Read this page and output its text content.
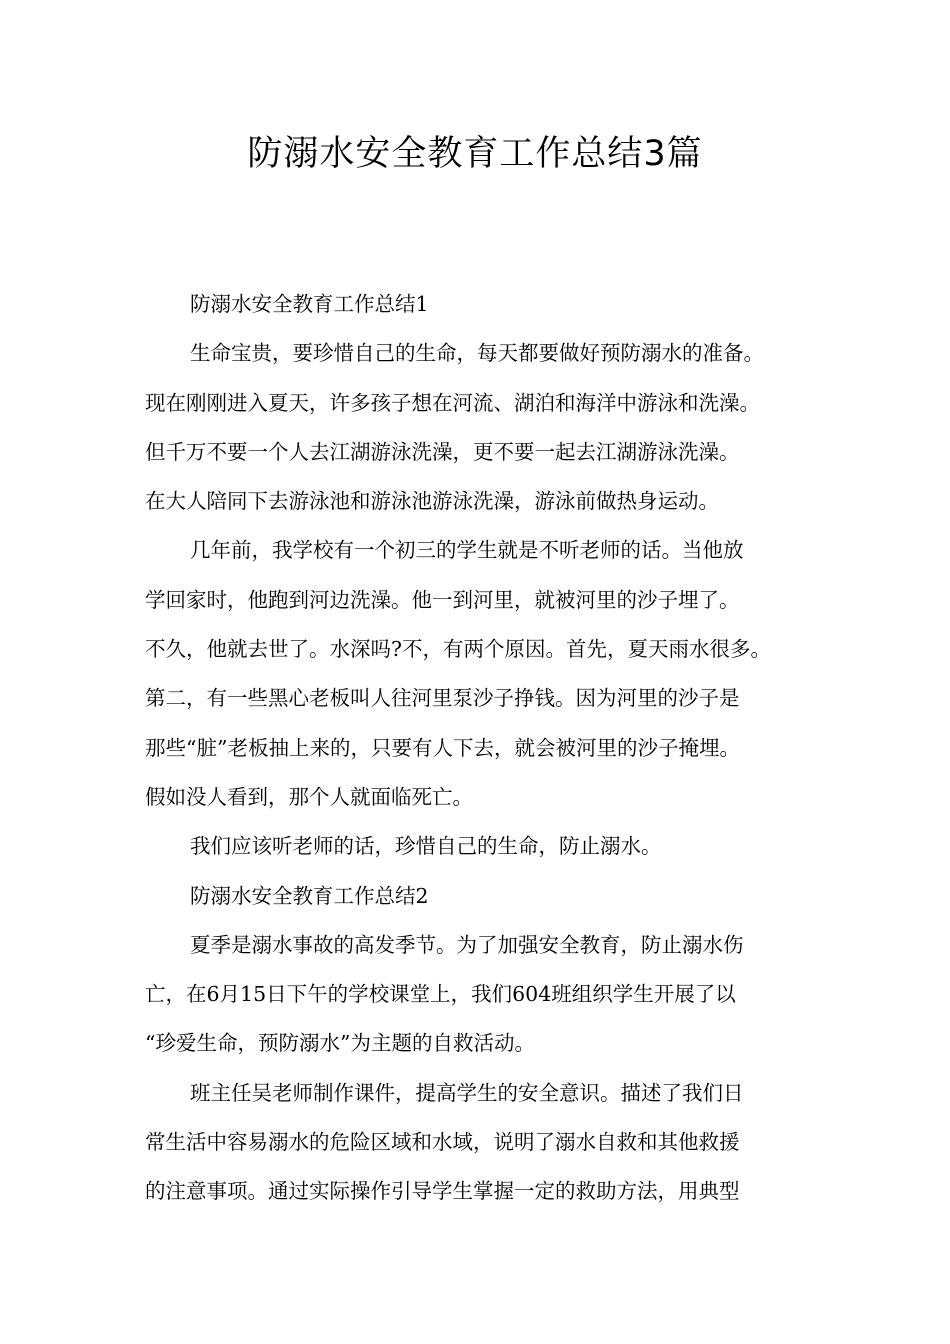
防溺水安全教育工作总结3篇
防溺水安全教育工作总结1
生命宝贵，要珍惜自己的生命，每天都要做好预防溺水的准备。
现在刚刚进入夏天，许多孩子想在河流、湖泊和海洋中游泳和洗澡。
但千万不要一个人去江湖游泳洗澡，更不要一起去江湖游泳洗澡。
在大人陪同下去游泳池和游泳池游泳洗澡，游泳前做热身运动。
几年前，我学校有一个初三的学生就是不听老师的话。当他放
学回家时，他跑到河边洗澡。他一到河里，就被河里的沙子埋了。
不久，他就去世了。水深吗?不，有两个原因。首先，夏天雨水很多。
第二，有一些黑心老板叫人往河里泵沙子挣钱。因为河里的沙子是
那些“脏”老板抽上来的，只要有人下去，就会被河里的沙子掩埋。
假如没人看到，那个人就面临死亡。
我们应该听老师的话，珍惜自己的生命，防止溺水。
防溺水安全教育工作总结2
夏季是溺水事故的高发季节。为了加强安全教育，防止溺水伤
亡，在6月15日下午的学校课堂上，我们604班组织学生开展了以
“珍爱生命，预防溺水”为主题的自救活动。
班主任吴老师制作课件，提高学生的安全意识。描述了我们日
常生活中容易溺水的危险区域和水域，说明了溺水自救和其他救援
的注意事项。通过实际操作引导学生掌握一定的救助方法，用典型
